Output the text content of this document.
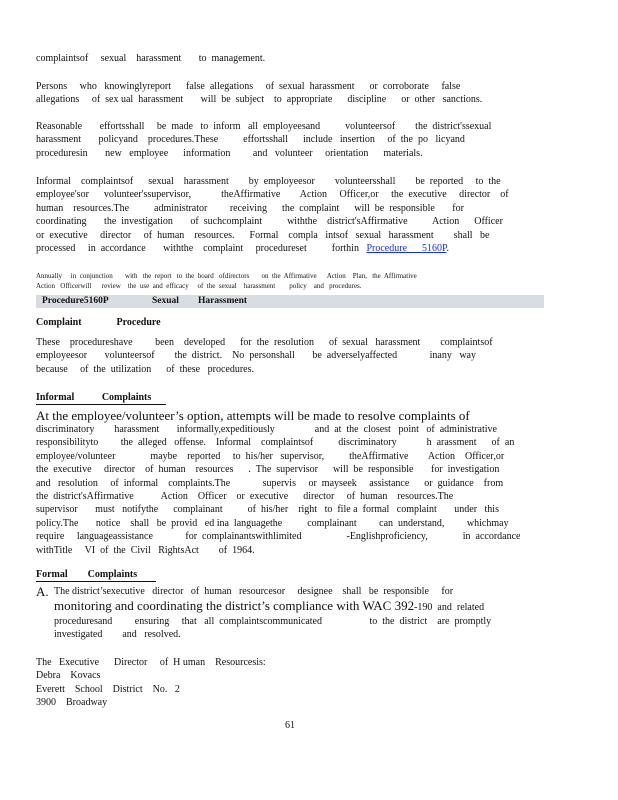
complaintsof     sexual    harassment       to  management.
Persons     who   knowinglyreport      false  allegations     of  sexual  harassment      or  corroborate     false
allegations     of  sex ual  harassment       will  be  subject    to  appropriate      discipline      or  other   sanctions.
Reasonable       effortsshall     be  made   to  inform   all  employeesand          volunteersof        the  district'ssexual
harassment       policyand    procedures.These          effortsshall      include   insertion     of  the  po   licyand
proceduresin       new   employee      information         and   volunteer     orientation      materials.
Informal    complaintsof      sexual    harassment        by  employeesor        volunteersshall        be  reported     to  the
employee'sor      volunteer'ssupervisor,            theAffirmative        Action     Officer,or     the  executive     director    of
human    resources.The          administrator         receiving      the  complaint      will  be  responsible       for
coordinating       the  investigation       of  suchcomplaint          withthe    district'sAffirmative          Action      Officer
or  executive     director     of  human    resources.      Formal    compla   intsof   sexual   harassment        shall   be
processed     in  accordance       withthe    complaint     procedureset          forthin   Procedure      5160P.
Annually     in  conjunction       with   the  report   to  the  board   ofdirectors       on  the  Affirmative      Action    Plan,   the  Affirmative
Action   Officerwill      review    the  use  and  efficacy     of  the  sexual    harassment        policy    and   procedures.
Procedure5160P	Sexual Harassment
Complaint              Procedure
These    procedureshave         been    developed      for  the  resolution      of  sexual   harassment        complaintsof
employeesor       volunteersof        the  district.    No  personshall       be  adverselyaffected             inany   way
because     of  the  utilization      of  these   procedures.
Informal           Complaints
At the employee/volunteer’s option, attempts will be made to resolve complaints of
discriminatory        harassment       informally,expeditiously                and  at  the  closest   point   of  administrative
responsibilityto         the  alleged   offense.    Informal    complaintsof          discriminatory            h  arassment      of  an
employee/volunteer              maybe    reported     to  his/her   supervisor,          theAffirmative        Action    Officer,or
the  executive     director    of  human    resources      .  The  supervisor      will  be  responsible       for  investigation
and   resolution     of  informal    complaints.The             supervis     or  mayseek     assistance      or  guidance    from
the  district'sAffirmative           Action    Officer    or  executive      director     of  human    resources.The
supervisor       must   notifythe      complainant          of  his/her    right   to  file a  formal   complaint       under   this
policy.The       notice    shall   be  provid   ed ina  languagethe          complainant         can  understand,         whichmay
require     languageassistance             for  complainantswithlimited                  -Englishproficiency,              in  accordance
withTitle     VI  of  the  Civil   RightsAct        of  1964.
Formal        Complaints
A. The district’sexecutive   director   of  human   resourcesor     designee    shall   be  responsible     for
monitoring and coordinating the district’s compliance with WAC 392-190  and  related
proceduresand         ensuring     that   all  complaintscommunicated                   to  the  district    are  promptly
investigated        and   resolved.
The   Executive      Director     of  H uman    Resourcesis:
Debra    Kovacs
Everett    School    District    No.   2
3900    Broadway
61
